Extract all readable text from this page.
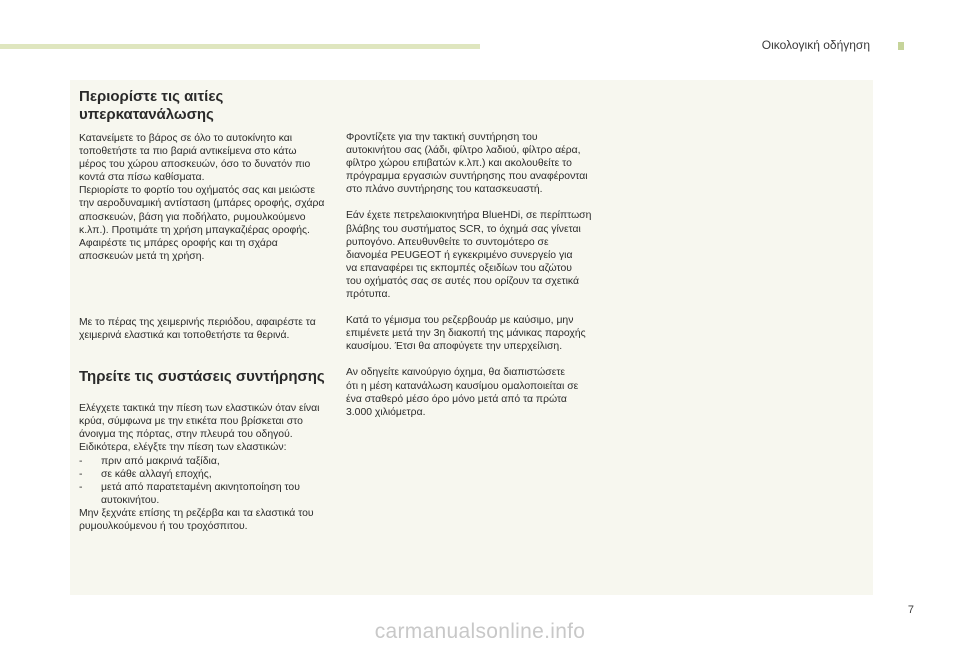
Οικολογική οδήγηση
Περιορίστε τις αιτίες
υπερκατανάλωσης
Κατανείμετε το βάρος σε όλο το αυτοκίνητο και
τοποθετήστε τα πιο βαριά αντικείμενα στο κάτω
μέρος του χώρου αποσκευών, όσο το δυνατόν πιο
κοντά στα πίσω καθίσματα.
Περιορίστε το φορτίο του οχήματός σας και μειώστε
την αεροδυναμική αντίσταση (μπάρες οροφής, σχάρα
αποσκευών, βάση για ποδήλατο, ρυμουλκούμενο
κ.λπ.). Προτιμάτε τη χρήση μπαγκαζιέρας οροφής.
Αφαιρέστε τις μπάρες οροφής και τη σχάρα
αποσκευών μετά τη χρήση.
Με το πέρας της χειμερινής περιόδου, αφαιρέστε τα
χειμερινά ελαστικά και τοποθετήστε τα θερινά.
Τηρείτε τις συστάσεις συντήρησης
Ελέγχετε τακτικά την πίεση των ελαστικών όταν είναι
κρύα, σύμφωνα με την ετικέτα που βρίσκεται στο
άνοιγμα της πόρτας, στην πλευρά του οδηγού.
Ειδικότερα, ελέγξτε την πίεση των ελαστικών:
-	πριν από μακρινά ταξίδια,
-	σε κάθε αλλαγή εποχής,
-	μετά από παρατεταμένη ακινητοποίηση του
αυτοκινήτου.
Μην ξεχνάτε επίσης τη ρεζέρβα και τα ελαστικά του
ρυμουλκούμενου ή του τροχόσπιτου.
Φροντίζετε για την τακτική συντήρηση του
αυτοκινήτου σας (λάδι, φίλτρο λαδιού, φίλτρο αέρα,
φίλτρο χώρου επιβατών κ.λπ.) και ακολουθείτε το
πρόγραμμα εργασιών συντήρησης που αναφέρονται
στο πλάνο συντήρησης του κατασκευαστή.
Εάν έχετε πετρελαιοκινητήρα BlueHDi, σε περίπτωση
βλάβης του συστήματος SCR, το όχημά σας γίνεται
ρυπογόνο. Απευθυνθείτε το συντομότερο σε
διανομέα PEUGEOT ή εγκεκριμένο συνεργείο για
να επαναφέρει τις εκπομπές οξειδίων του αζώτου
του οχήματός σας σε αυτές που ορίζουν τα σχετικά
πρότυπα.
Κατά το γέμισμα του ρεζερβουάρ με καύσιμο, μην
επιμένετε μετά την 3η διακοπή της μάνικας παροχής
καυσίμου. Έτσι θα αποφύγετε την υπερχείλιση.
Αν οδηγείτε καινούργιο όχημα, θα διαπιστώσετε
ότι η μέση κατανάλωση καυσίμου ομαλοποιείται σε
ένα σταθερό μέσο όρο μόνο μετά από τα πρώτα
3.000 χιλιόμετρα.
7
carmanualsonline.info
